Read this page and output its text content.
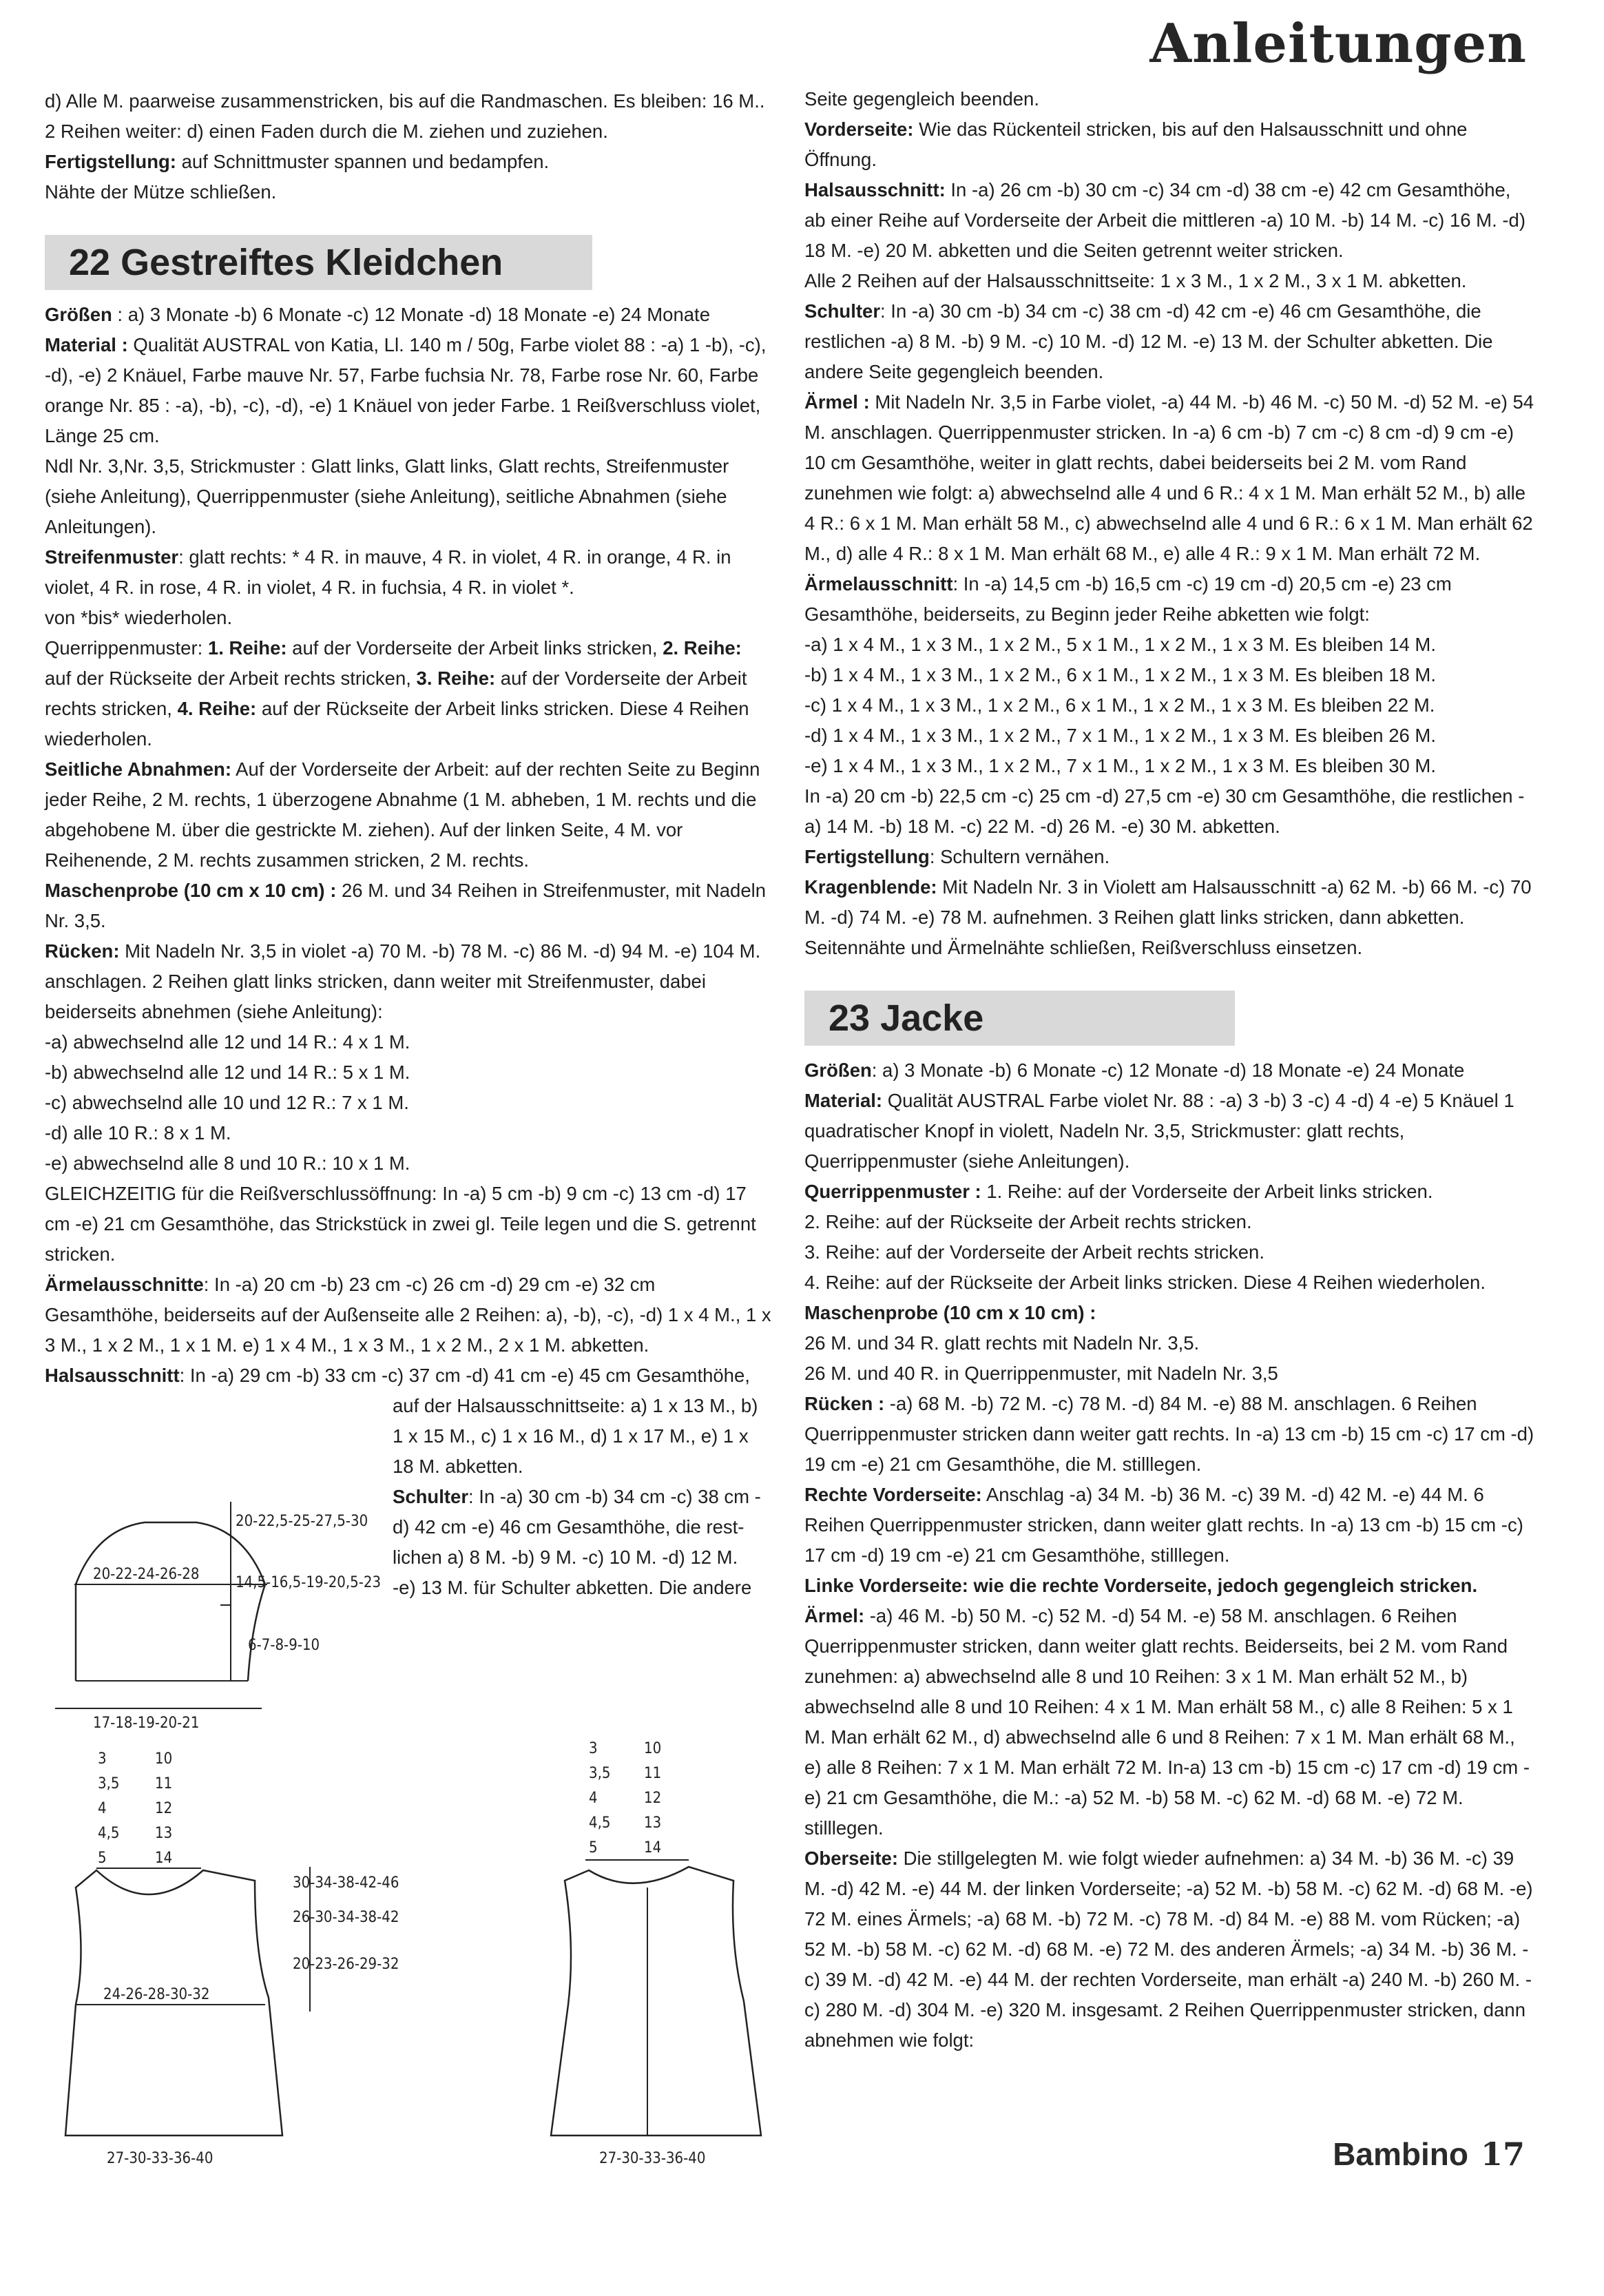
Anleitungen

d) Alle M. paarweise zusammenstricken, bis auf die Randmaschen. Es bleiben: 16 M..

2 Reihen weiter: d) einen Faden durch die M. ziehen und zuziehen.

Fertigstellung: auf Schnittmuster spannen und bedampfen.

Nähte der Mütze schließen.

22 Gestreiftes Kleidchen

Größen : a) 3 Monate -b) 6 Monate -c) 12 Monate -d) 18 Monate -e) 24 Monate

Material : Qualität AUSTRAL von Katia, Ll. 140 m / 50g, Farbe violet 88 : -a) 1 -b), -c), -d), -e) 2 Knäuel, Farbe mauve Nr. 57, Farbe fuchsia Nr. 78, Farbe rose Nr. 60, Farbe orange Nr. 85 : -a), -b), -c), -d), -e) 1 Knäuel von jeder Farbe. 1 Reißverschluss violet, Länge 25 cm.

Ndl Nr. 3,Nr. 3,5, Strickmuster : Glatt links, Glatt links, Glatt rechts, Streifenmuster (siehe Anleitung), Querrippenmuster (siehe Anleitung), seitliche Abnahmen (siehe Anleitungen).

Streifenmuster: glatt rechts: * 4 R. in mauve, 4 R. in violet, 4 R. in orange, 4 R. in violet, 4 R. in rose, 4 R. in violet, 4 R. in fuchsia, 4 R. in violet *.

von *bis* wiederholen.

Querrippenmuster: 1. Reihe: auf der Vorderseite der Arbeit links stricken, 2. Reihe: auf der Rückseite der Arbeit rechts stricken, 3. Reihe: auf der Vorderseite der Arbeit rechts stricken, 4. Reihe: auf der Rückseite der Arbeit links stricken. Diese 4 Reihen wiederholen.

Seitliche Abnahmen: Auf der Vorderseite der Arbeit: auf der rechten Seite zu Beginn jeder Reihe, 2 M. rechts, 1 überzogene Abnahme (1 M. abheben, 1 M. rechts und die abgehobene M. über die gestrickte M. ziehen). Auf der linken Seite, 4 M. vor Reihenende, 2 M. rechts zusammen stricken, 2 M. rechts.

Maschenprobe (10 cm x 10 cm) : 26 M. und 34 Reihen in Streifenmuster, mit Nadeln Nr. 3,5.

Rücken: Mit Nadeln Nr. 3,5 in violet -a) 70 M. -b) 78 M. -c) 86 M. -d) 94 M. -e) 104 M. anschlagen. 2 Reihen glatt links stricken, dann weiter mit Streifenmuster, dabei beiderseits abnehmen (siehe Anleitung):

-a) abwechselnd alle 12 und 14 R.: 4 x 1 M.

-b) abwechselnd alle 12 und 14 R.: 5 x 1 M.

-c) abwechselnd alle 10 und 12 R.: 7 x 1 M.

-d) alle 10 R.: 8 x 1 M.

-e) abwechselnd alle 8 und 10 R.: 10 x 1 M.

GLEICHZEITIG für die Reißverschlussöffnung: In -a) 5 cm -b) 9 cm -c) 13 cm -d) 17 cm -e) 21 cm Gesamthöhe, das Strickstück in zwei gl. Teile legen und die S. getrennt stricken.

Ärmelausschnitte: In -a) 20 cm -b) 23 cm -c) 26 cm -d) 29 cm -e) 32 cm Gesamthöhe, beiderseits auf der Außenseite alle 2 Reihen: a), -b), -c), -d) 1 x 4 M., 1 x 3 M., 1 x 2 M., 1 x 1 M. e) 1 x 4 M., 1 x 3 M., 1 x 2 M., 2 x 1 M. abketten.

Halsausschnitt: In -a) 29 cm -b) 33 cm -c) 37 cm -d) 41 cm -e) 45 cm Gesamthöhe,

auf der Halsausschnittseite: a) 1 x 13 M., b)

1 x 15 M., c) 1 x 16 M., d) 1 x 17 M., e) 1 x

18 M. abketten.

Schulter: In -a) 30 cm -b) 34 cm -c) 38 cm -

d) 42 cm -e) 46 cm Gesamthöhe, die rest-

lichen a) 8 M. -b) 9 M. -c) 10 M. -d) 12 M.

-e) 13 M. für Schulter abketten. Die andere

20-22-24-26-28
20-22,5-25-27,5-30
14,5-16,5-19-20,5-23
6-7-8-9-10
17-18-19-20-21
3	10
3,5 11
4	12
4,5 13
5	14
30-34-38-42-46
26-30-34-38-42
20-23-26-29-32
24-26-28-30-32
27-30-33-36-40
3	10
3,5 11
4	12
4,5 13
5	14
27-30-33-36-40

Seite gegengleich beenden.

Vorderseite: Wie das Rückenteil stricken, bis auf den Halsausschnitt und ohne Öffnung.

Halsausschnitt: In -a) 26 cm -b) 30 cm -c) 34 cm -d) 38 cm -e) 42 cm Gesamthöhe, ab einer Reihe auf Vorderseite der Arbeit die mittleren -a) 10 M. -b) 14 M. -c) 16 M. -d) 18 M. -e) 20 M. abketten und die Seiten getrennt weiter stricken.

Alle 2 Reihen auf der Halsausschnittseite: 1 x 3 M., 1 x 2 M., 3 x 1 M. abketten.

Schulter: In -a) 30 cm -b) 34 cm -c) 38 cm -d) 42 cm -e) 46 cm Gesamthöhe, die restlichen -a) 8 M. -b) 9 M. -c) 10 M. -d) 12 M. -e) 13 M. der Schulter abketten. Die andere Seite gegengleich beenden.

Ärmel : Mit Nadeln Nr. 3,5 in Farbe violet, -a) 44 M. -b) 46 M. -c) 50 M. -d) 52 M. -e) 54 M. anschlagen. Querrippenmuster stricken. In -a) 6 cm -b) 7 cm -c) 8 cm -d) 9 cm -e) 10 cm Gesamthöhe, weiter in glatt rechts, dabei beiderseits bei 2 M. vom Rand zunehmen wie folgt: a) abwechselnd alle 4 und 6 R.: 4 x 1 M. Man erhält 52 M., b) alle 4 R.: 6 x 1 M. Man erhält 58 M., c) abwechselnd alle 4 und 6 R.: 6 x 1 M. Man erhält 62 M., d) alle 4 R.: 8 x 1 M. Man erhält 68 M., e) alle 4 R.: 9 x 1 M. Man erhält 72 M.

Ärmelausschnitt: In -a) 14,5 cm -b) 16,5 cm -c) 19 cm -d) 20,5 cm -e) 23 cm Gesamthöhe, beiderseits, zu Beginn jeder Reihe abketten wie folgt:

-a) 1 x 4 M., 1 x 3 M., 1 x 2 M., 5 x 1 M., 1 x 2 M., 1 x 3 M. Es bleiben 14 M.

-b) 1 x 4 M., 1 x 3 M., 1 x 2 M., 6 x 1 M., 1 x 2 M., 1 x 3 M. Es bleiben 18 M.

-c) 1 x 4 M., 1 x 3 M., 1 x 2 M., 6 x 1 M., 1 x 2 M., 1 x 3 M. Es bleiben 22 M.

-d) 1 x 4 M., 1 x 3 M., 1 x 2 M., 7 x 1 M., 1 x 2 M., 1 x 3 M. Es bleiben 26 M.

-e) 1 x 4 M., 1 x 3 M., 1 x 2 M., 7 x 1 M., 1 x 2 M., 1 x 3 M. Es bleiben 30 M.

In -a) 20 cm -b) 22,5 cm -c) 25 cm -d) 27,5 cm -e) 30 cm Gesamthöhe, die restlichen -a) 14 M. -b) 18 M. -c) 22 M. -d) 26 M. -e) 30 M. abketten.

Fertigstellung: Schultern vernähen.

Kragenblende: Mit Nadeln Nr. 3 in Violett am Halsausschnitt -a) 62 M. -b) 66 M. -c) 70 M. -d) 74 M. -e) 78 M. aufnehmen. 3 Reihen glatt links stricken, dann abketten. Seitennähte und Ärmelnähte schließen, Reißverschluss einsetzen.

23 Jacke

Größen: a) 3 Monate -b) 6 Monate -c) 12 Monate -d) 18 Monate -e) 24 Monate

Material: Qualität AUSTRAL Farbe violet Nr. 88 : -a) 3 -b) 3 -c) 4 -d) 4 -e) 5 Knäuel 1 quadratischer Knopf in violett, Nadeln Nr. 3,5, Strickmuster: glatt rechts, Querrippenmuster (siehe Anleitungen).

Querrippenmuster : 1. Reihe: auf der Vorderseite der Arbeit links stricken.

2. Reihe: auf der Rückseite der Arbeit rechts stricken.

3. Reihe: auf der Vorderseite der Arbeit rechts stricken.

4. Reihe: auf der Rückseite der Arbeit links stricken. Diese 4 Reihen wiederholen.

Maschenprobe (10 cm x 10 cm) :

26 M. und 34 R. glatt rechts mit Nadeln Nr. 3,5.

26 M. und 40 R. in Querrippenmuster, mit Nadeln Nr. 3,5

Rücken : -a) 68 M. -b) 72 M. -c) 78 M. -d) 84 M. -e) 88 M. anschlagen. 6 Reihen Querrippenmuster stricken dann weiter gatt rechts. In -a) 13 cm -b) 15 cm -c) 17 cm -d) 19 cm -e) 21 cm Gesamthöhe, die M. stilllegen.

Rechte Vorderseite: Anschlag -a) 34 M. -b) 36 M. -c) 39 M. -d) 42 M. -e) 44 M. 6 Reihen Querrippenmuster stricken, dann weiter glatt rechts. In -a) 13 cm -b) 15 cm -c) 17 cm -d) 19 cm -e) 21 cm Gesamthöhe, stilllegen.

Linke Vorderseite: wie die rechte Vorderseite, jedoch gegengleich stricken.

Ärmel: -a) 46 M. -b) 50 M. -c) 52 M. -d) 54 M. -e) 58 M. anschlagen. 6 Reihen Querrippenmuster stricken, dann weiter glatt rechts. Beiderseits, bei 2 M. vom Rand zunehmen: a) abwechselnd alle 8 und 10 Reihen: 3 x 1 M. Man erhält 52 M., b) abwechselnd alle 8 und 10 Reihen: 4 x 1 M. Man erhält 58 M., c) alle 8 Reihen: 5 x 1 M. Man erhält 62 M., d) abwechselnd alle 6 und 8 Reihen: 7 x 1 M. Man erhält 68 M., e) alle 8 Reihen: 7 x 1 M. Man erhält 72 M. In-a) 13 cm -b) 15 cm -c) 17 cm -d) 19 cm -e) 21 cm Gesamthöhe, die M.: -a) 52 M. -b) 58 M. -c) 62 M. -d) 68 M. -e) 72 M. stilllegen.

Oberseite: Die stillgelegten M. wie folgt wieder aufnehmen: a) 34 M. -b) 36 M. -c) 39 M. -d) 42 M. -e) 44 M. der linken Vorderseite; -a) 52 M. -b) 58 M. -c) 62 M. -d) 68 M. -e) 72 M. eines Ärmels; -a) 68 M. -b) 72 M. -c) 78 M. -d) 84 M. -e) 88 M. vom Rücken; -a) 52 M. -b) 58 M. -c) 62 M. -d) 68 M. -e) 72 M. des anderen Ärmels; -a) 34 M. -b) 36 M. -c) 39 M. -d) 42 M. -e) 44 M. der rechten Vorderseite, man erhält -a) 240 M. -b) 260 M. -c) 280 M. -d) 304 M. -e) 320 M. insgesamt. 2 Reihen Querrippenmuster stricken, dann abnehmen wie folgt:

Bambino 17
